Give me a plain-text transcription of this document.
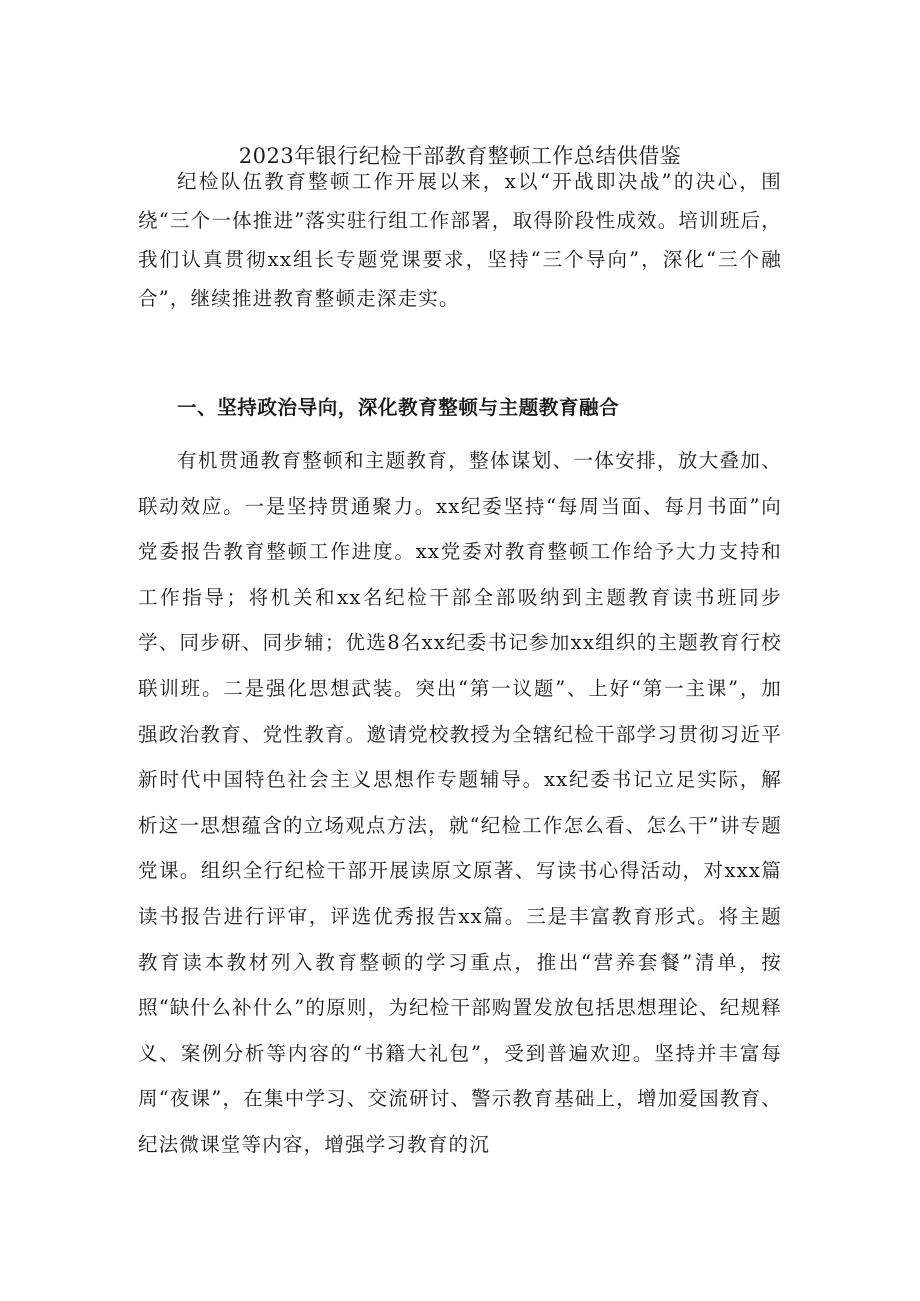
2023年银行纪检干部教育整顿工作总结供借鉴

纪检队伍教育整顿工作开展以来，x以“开战即决战”的决心，围绕“三个一体推进”落实驻行组工作部署，取得阶段性成效。培训班后，我们认真贯彻xx组长专题党课要求，坚持“三个导向”，深化“三个融合”，继续推进教育整顿走深走实。

一、坚持政治导向，深化教育整顿与主题教育融合

有机贯通教育整顿和主题教育，整体谋划、一体安排，放大叠加、联动效应。一是坚持贯通聚力。xx纪委坚持“每周当面、每月书面”向党委报告教育整顿工作进度。xx党委对教育整顿工作给予大力支持和工作指导；将机关和xx名纪检干部全部吸纳到主题教育读书班同步学、同步研、同步辅；优选8名xx纪委书记参加xx组织的主题教育行校联训班。二是强化思想武装。突出“第一议题”、上好“第一主课”，加强政治教育、党性教育。邀请党校教授为全辖纪检干部学习贯彻习近平新时代中国特色社会主义思想作专题辅导。xx纪委书记立足实际，解析这一思想蕴含的立场观点方法，就“纪检工作怎么看、怎么干”讲专题党课。组织全行纪检干部开展读原文原著、写读书心得活动，对xxx篇读书报告进行评审，评选优秀报告xx篇。三是丰富教育形式。将主题教育读本教材列入教育整顿的学习重点，推出“营养套餐”清单，按照“缺什么补什么”的原则，为纪检干部购置发放包括思想理论、纪规释义、案例分析等内容的“书籍大礼包”，受到普遍欢迎。坚持并丰富每周“夜课”，在集中学习、交流研讨、警示教育基础上，增加爱国教育、纪法微课堂等内容，增强学习教育的沉
